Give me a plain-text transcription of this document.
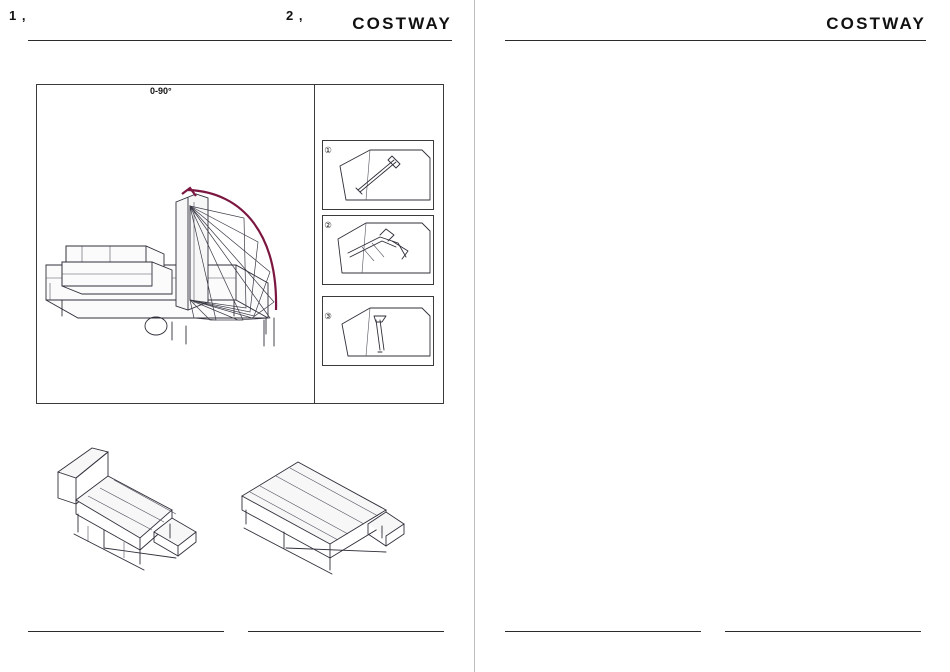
COSTWAY
1 ,	2 ,
0-90°
①
②
③
COSTWAY
